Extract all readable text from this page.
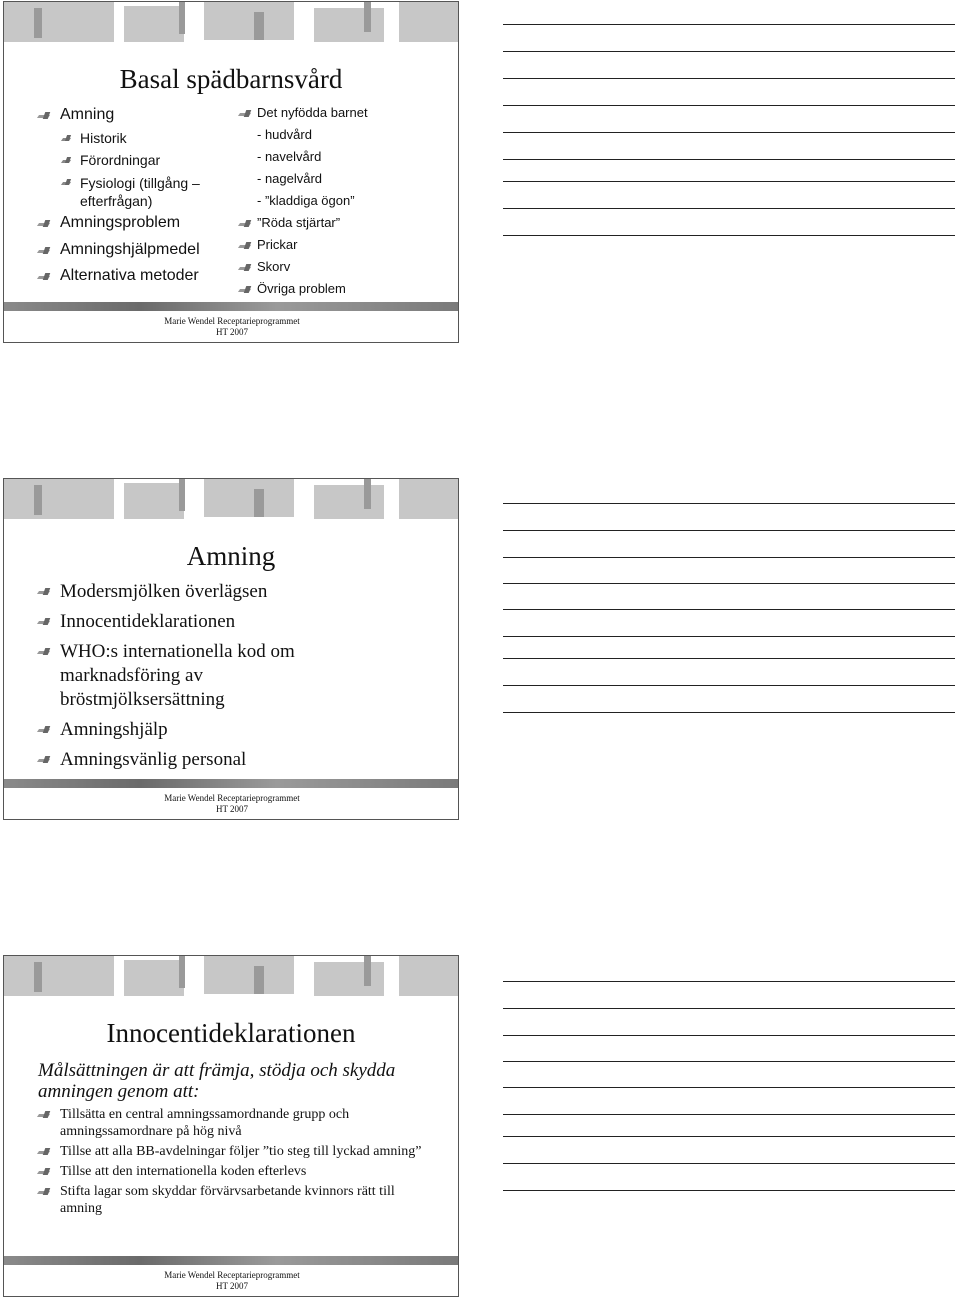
Basal spädbarnsvård
Amning
Historik
Förordningar
Fysiologi (tillgång – efterfrågan)
Amningsproblem
Amningshjälpmedel
Alternativa metoder
Det nyfödda barnet
- hudvård
- navelvård
- nagelvård
- ”kladdiga ögon”
”Röda stjärtar”
Prickar
Skorv
Övriga problem
Marie Wendel Receptarieprogrammet
HT 2007
Amning
Modersmjölken överlägsen
Innocentideklarationen
WHO:s internationella kod om marknadsföring av bröstmjölksersättning
Amningshjälp
Amningsvänlig personal
Marie Wendel Receptarieprogrammet
HT 2007
Innocentideklarationen
Målsättningen är att främja, stödja och skydda amningen genom att:
Tillsätta en central amningssamordnande grupp och amningssamordnare på hög nivå
Tillse att alla BB-avdelningar följer ”tio steg till lyckad amning”
Tillse att den internationella koden efterlevs
Stifta lagar som skyddar förvärvsarbetande kvinnors rätt till amning
Marie Wendel Receptarieprogrammet
HT 2007
